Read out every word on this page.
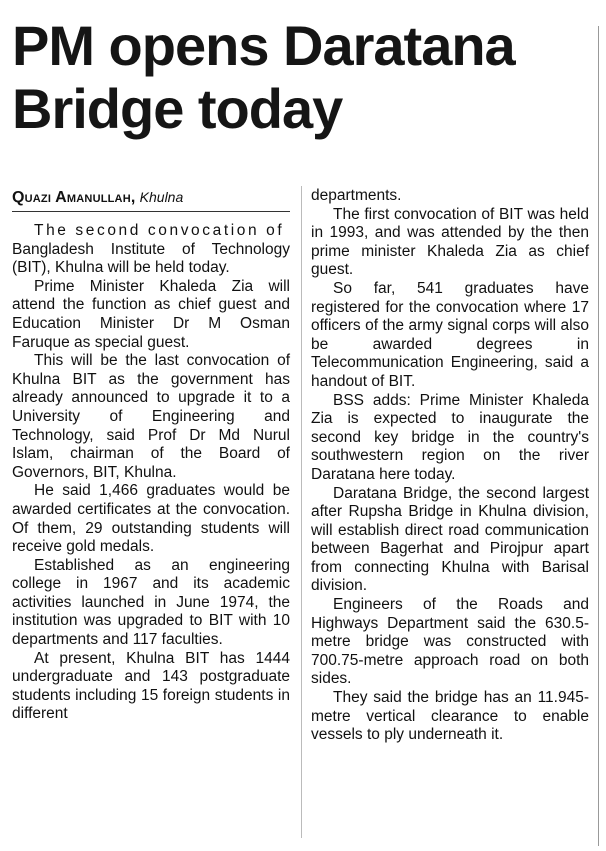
PM opens Daratana
Bridge today
Quazi Amanullah, Khulna

The second convocation of

Bangladesh Institute of Technology (BIT), Khulna will be held today.

Prime Minister Khaleda Zia will attend the function as chief guest and Education Minister Dr M Osman Faruque as special guest.

This will be the last convocation of Khulna BIT as the government has already announced to upgrade it to a University of Engineering and Technology, said Prof Dr Md Nurul Islam, chairman of the Board of Governors, BIT, Khulna.

He said 1,466 graduates would be awarded certificates at the convocation. Of them, 29 outstanding students will receive gold medals.

Established as an engineering college in 1967 and its academic activities launched in June 1974, the institution was upgraded to BIT with 10 departments and 117 faculties.

At present, Khulna BIT has 1444 undergraduate and 143 postgraduate students including 15 foreign students in different

departments.

The first convocation of BIT was held in 1993, and was attended by the then prime minister Khaleda Zia as chief guest.

So far, 541 graduates have registered for the convocation where 17 officers of the army signal corps will also be awarded degrees in Telecommunication Engineering, said a handout of BIT.

BSS adds: Prime Minister Khaleda Zia is expected to inaugurate the second key bridge in the country's southwestern region on the river Daratana here today.

Daratana Bridge, the second largest after Rupsha Bridge in Khulna division, will establish direct road communication between Bagerhat and Pirojpur apart from connecting Khulna with Barisal division.

Engineers of the Roads and Highways Department said the 630.5-metre bridge was constructed with 700.75-metre approach road on both sides.

They said the bridge has an 11.945-metre vertical clearance to enable vessels to ply underneath it.
